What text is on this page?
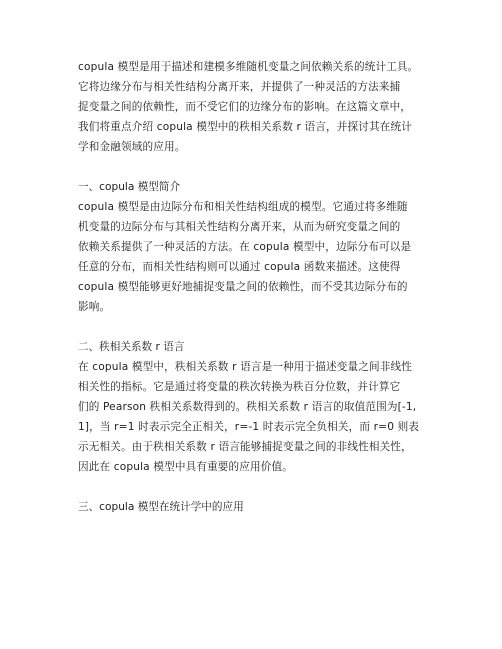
copula 模型是用于描述和建模多维随机变量之间依赖关系的统计工具。
它将边缘分布与相关性结构分离开来，并提供了一种灵活的方法来捕
捉变量之间的依赖性，而不受它们的边缘分布的影响。在这篇文章中，
我们将重点介绍 copula 模型中的秩相关系数 r 语言，并探讨其在统计
学和金融领域的应用。
一、copula 模型简介
copula 模型是由边际分布和相关性结构组成的模型。它通过将多维随
机变量的边际分布与其相关性结构分离开来，从而为研究变量之间的
依赖关系提供了一种灵活的方法。在 copula 模型中，边际分布可以是
任意的分布，而相关性结构则可以通过 copula 函数来描述。这使得
copula 模型能够更好地捕捉变量之间的依赖性，而不受其边际分布的
影响。
二、秩相关系数 r 语言
在 copula 模型中，秩相关系数 r 语言是一种用于描述变量之间非线性
相关性的指标。它是通过将变量的秩次转换为秩百分位数，并计算它
们的 Pearson 秩相关系数得到的。秩相关系数 r 语言的取值范围为[-1,
1]，当 r=1 时表示完全正相关，r=-1 时表示完全负相关，而 r=0 则表
示无相关。由于秩相关系数 r 语言能够捕捉变量之间的非线性相关性，
因此在 copula 模型中具有重要的应用价值。
三、copula 模型在统计学中的应用
